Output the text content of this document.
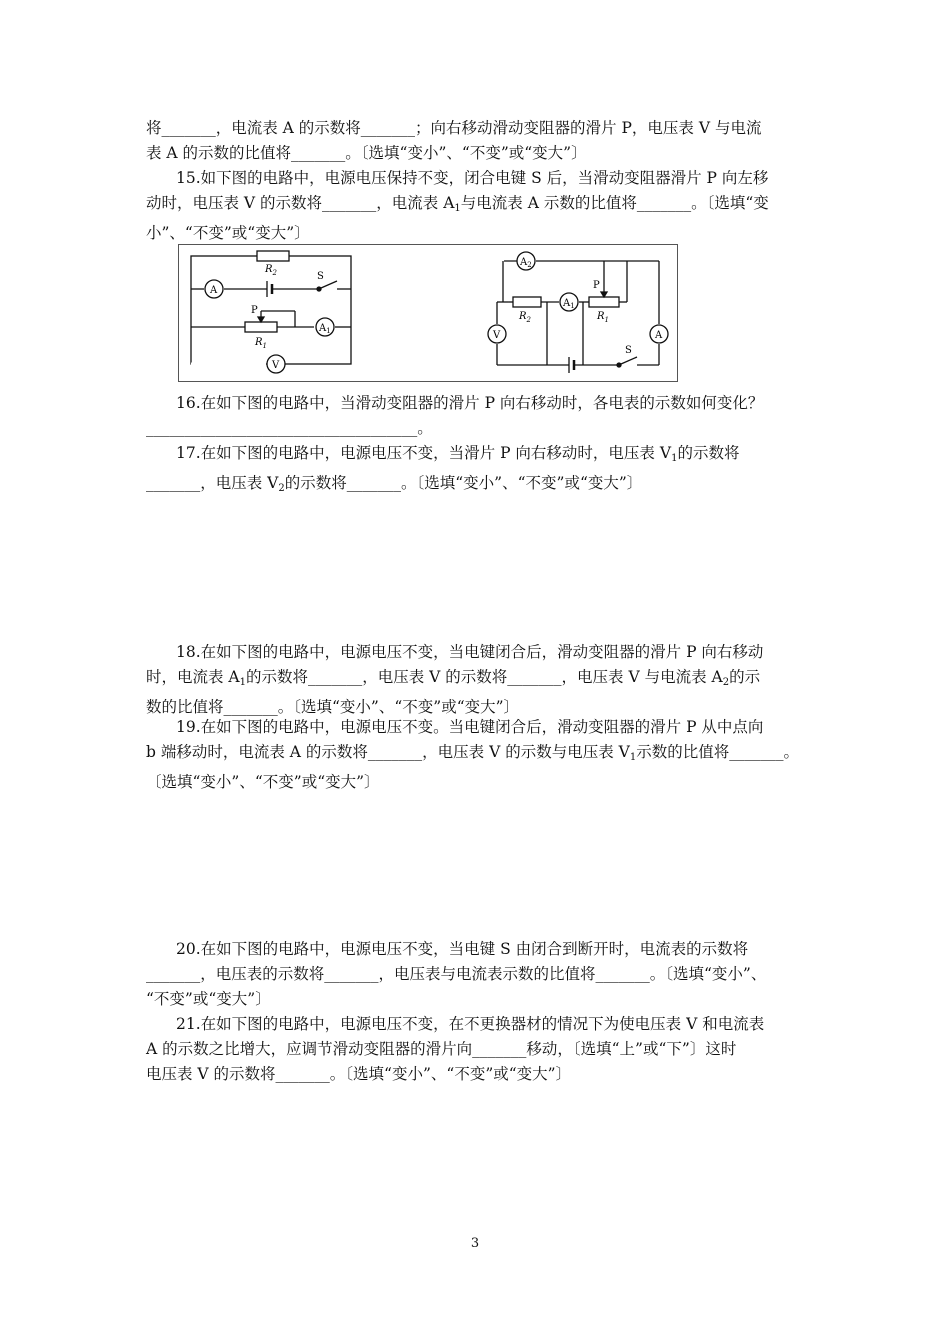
将_______，电流表 A 的示数将_______；向右移动滑动变阻器的滑片 P，电压表 V 与电流

表 A 的示数的比值将_______。〔选填“变小”、“不变”或“变大”〕

15.如下图的电路中，电源电压保持不变，闭合电键 S 后，当滑动变阻器滑片 P 向左移

动时，电压表 V 的示数将_______，电流表 $A_1$与电流表 A 示数的比值将_______。〔选填“变

小”、“不变”或“变大”〕

$R_2$	S
A
P
$R_1$
$A_1$
V
$A_2$
P
$R_2$
$A_1$
$R_1$
V	A
S

16.在如下图的电路中，当滑动变阻器的滑片 P 向右移动时，各电表的示数如何变化？

___________________________________。

17.在如下图的电路中，电源电压不变，当滑片 P 向右移动时，电压表 $V_1$的示数将

_______，电压表 $V_2$的示数将_______。〔选填“变小”、“不变”或“变大”〕

18.在如下图的电路中，电源电压不变，当电键闭合后，滑动变阻器的滑片 P 向右移动

时，电流表 $A_1$的示数将_______，电压表 V 的示数将_______，电压表 V 与电流表 $A_2$的示

数的比值将_______。〔选填“变小”、“不变”或“变大”〕

19.在如下图的电路中，电源电压不变。当电键闭合后，滑动变阻器的滑片 P 从中点向

b 端移动时，电流表 A 的示数将_______，电压表 V 的示数与电压表 $V_1$示数的比值将_______。

〔选填“变小”、“不变”或“变大”〕

20.在如下图的电路中，电源电压不变，当电键 S 由闭合到断开时，电流表的示数将

_______，电压表的示数将_______，电压表与电流表示数的比值将_______。〔选填“变小”、

“不变”或“变大”〕

21.在如下图的电路中，电源电压不变，在不更换器材的情况下为使电压表 V 和电流表

A 的示数之比增大，应调节滑动变阻器的滑片向_______移动，〔选填“上”或“下”〕这时

电压表 V 的示数将_______。〔选填“变小”、“不变”或“变大”〕

3
